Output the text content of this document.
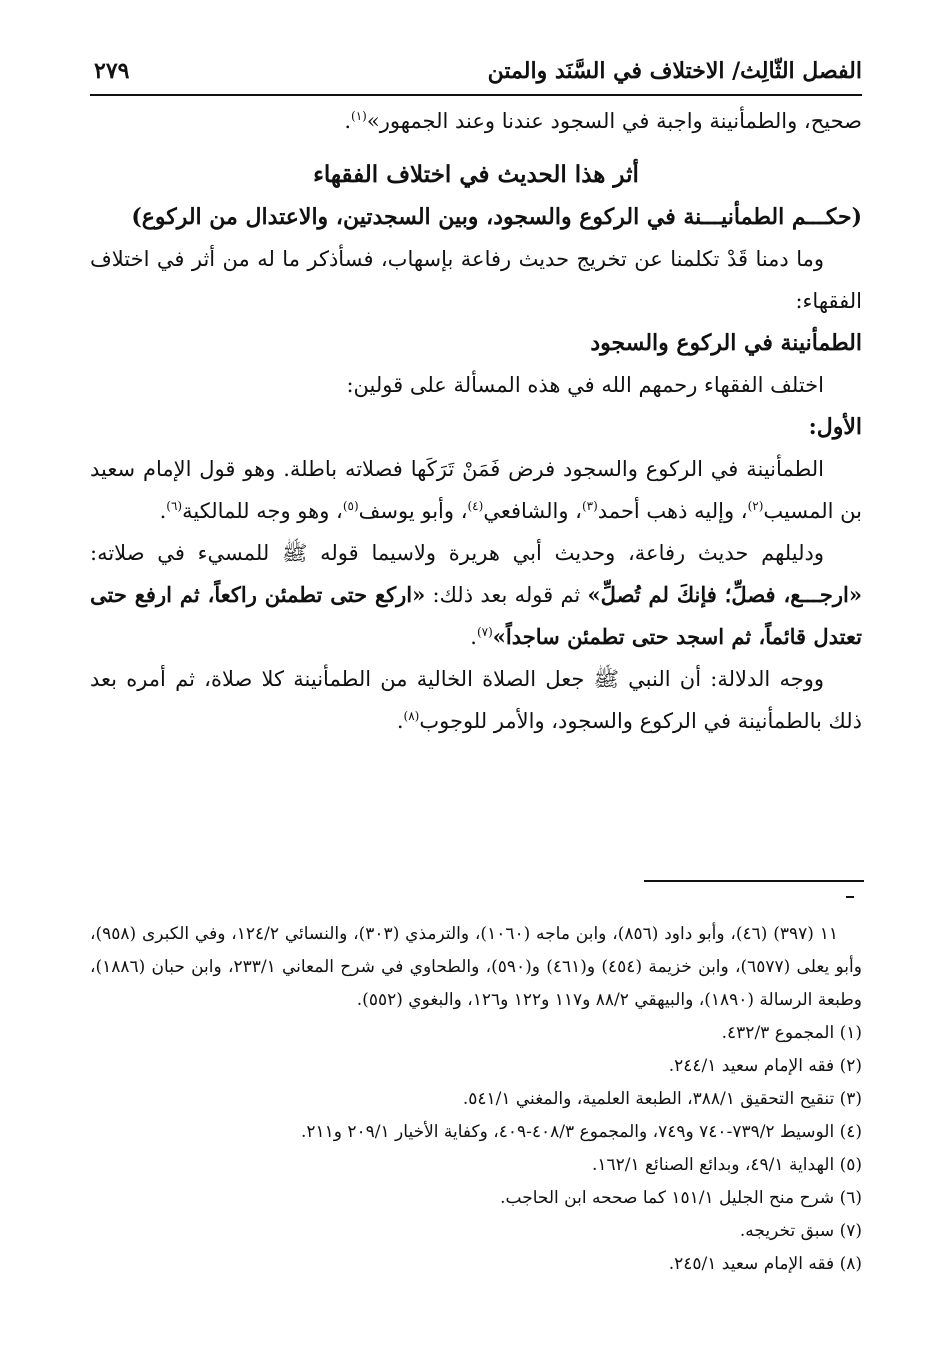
الفصل الثّالِث/ الاختلاف في السَّنَد والمتن
٢٧٩

صحيح، والطمأنينة واجبة في السجود عندنا وعند الجمهور»$^{(١)}$.

أثر هذا الحديث في اختلاف الفقهاء

(حكـــم الطمأنيـــنة في الركوع والسجود، وبين السجدتين، والاعتدال من الركوع)

وما دمنا قَدْ تكلمنا عن تخريج حديث رفاعة بإسهاب، فسأذكر ما له من أثر في اختلاف الفقهاء:

الطمأنينة في الركوع والسجود

اختلف الفقهاء رحمهم الله في هذه المسألة على قولين:

الأول:

الطمأنينة في الركوع والسجود فرض فَمَنْ تَرَكَها فصلاته باطلة. وهو قول الإمام سعيد بن المسيب$^{(٢)}$، وإليه ذهب أحمد$^{(٣)}$، والشافعي$^{(٤)}$، وأبو يوسف$^{(٥)}$، وهو وجه للمالكية$^{(٦)}$.

ودليلهم حديث رفاعة، وحديث أبي هريرة ولاسيما قوله ﷺ للمسيء في صلاته: «ارجـــع، فصلِّ؛ فإنكَ لم تُصلِّ» ثم قوله بعد ذلك: «اركع حتى تطمئن راكعاً، ثم ارفع حتى تعتدل قائماً، ثم اسجد حتى تطمئن ساجداً»$^{(٧)}$.

ووجه الدلالة: أن النبي ﷺ جعل الصلاة الخالية من الطمأنينة كلا صلاة، ثم أمره بعد ذلك بالطمأنينة في الركوع والسجود، والأمر للوجوب$^{(٨)}$.

١١ (٣٩٧) (٤٦)، وأبو داود (٨٥٦)، وابن ماجه (١٠٦٠)، والترمذي (٣٠٣)، والنسائي ١٢٤/٢، وفي الكبرى (٩٥٨)، وأبو يعلى (٦٥٧٧)، وابن خزيمة (٤٥٤) و(٤٦١) و(٥٩٠)، والطحاوي في شرح المعاني ٢٣٣/١، وابن حبان (١٨٨٦)، وطبعة الرسالة (١٨٩٠)، والبيهقي ٨٨/٢ و١١٧ و١٢٢ و١٢٦، والبغوي (٥٥٢).

(١) المجموع ٤٣٢/٣.

(٢) فقه الإمام سعيد ٢٤٤/١.

(٣) تنقيح التحقيق ٣٨٨/١، الطبعة العلمية، والمغني ٥٤١/١.

(٤) الوسيط ٧٣٩/٢-٧٤٠ و٧٤٩، والمجموع ٤٠٨/٣-٤٠٩، وكفاية الأخيار ٢٠٩/١ و٢١١.

(٥) الهداية ٤٩/١، وبدائع الصنائع ١٦٢/١.

(٦) شرح منح الجليل ١٥١/١ كما صححه ابن الحاجب.

(٧) سبق تخريجه.

(٨) فقه الإمام سعيد ٢٤٥/١.
